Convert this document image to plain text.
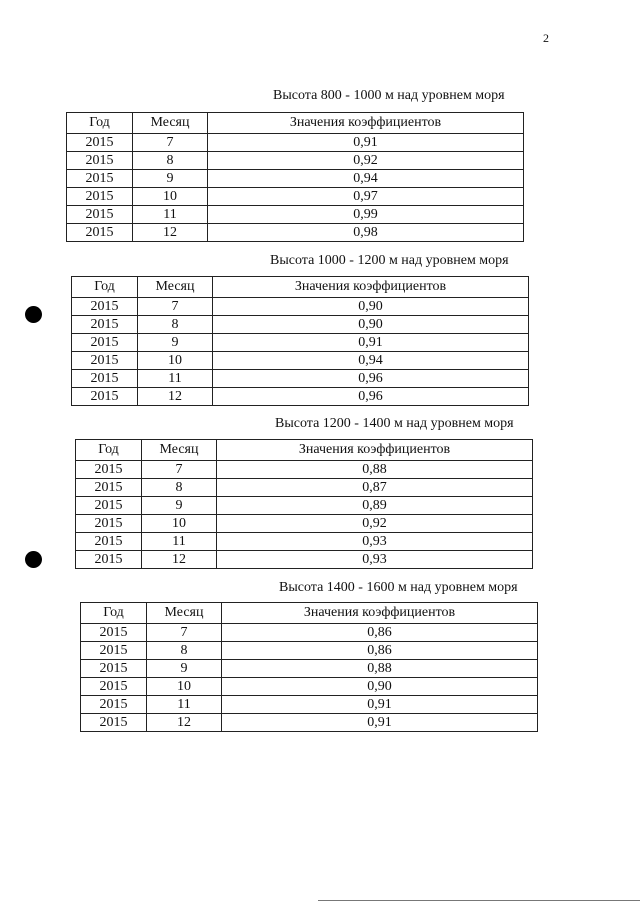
2
Высота 800 - 1000 м над уровнем моря
Год	Месяц	Значения коэффициентов
2015	7	0,91
2015	8	0,92
2015	9	0,94
2015	10	0,97
2015	11	0,99
2015	12	0,98
Высота 1000 - 1200 м над уровнем моря
Год	Месяц	Значения коэффициентов
2015	7	0,90
2015	8	0,90
2015	9	0,91
2015	10	0,94
2015	11	0,96
2015	12	0,96
Высота 1200 - 1400 м над уровнем моря
Год	Месяц	Значения коэффициентов
2015	7	0,88
2015	8	0,87
2015	9	0,89
2015	10	0,92
2015	11	0,93
2015	12	0,93
Высота 1400 - 1600 м над уровнем моря
Год	Месяц	Значения коэффициентов
2015	7	0,86
2015	8	0,86
2015	9	0,88
2015	10	0,90
2015	11	0,91
2015	12	0,91
